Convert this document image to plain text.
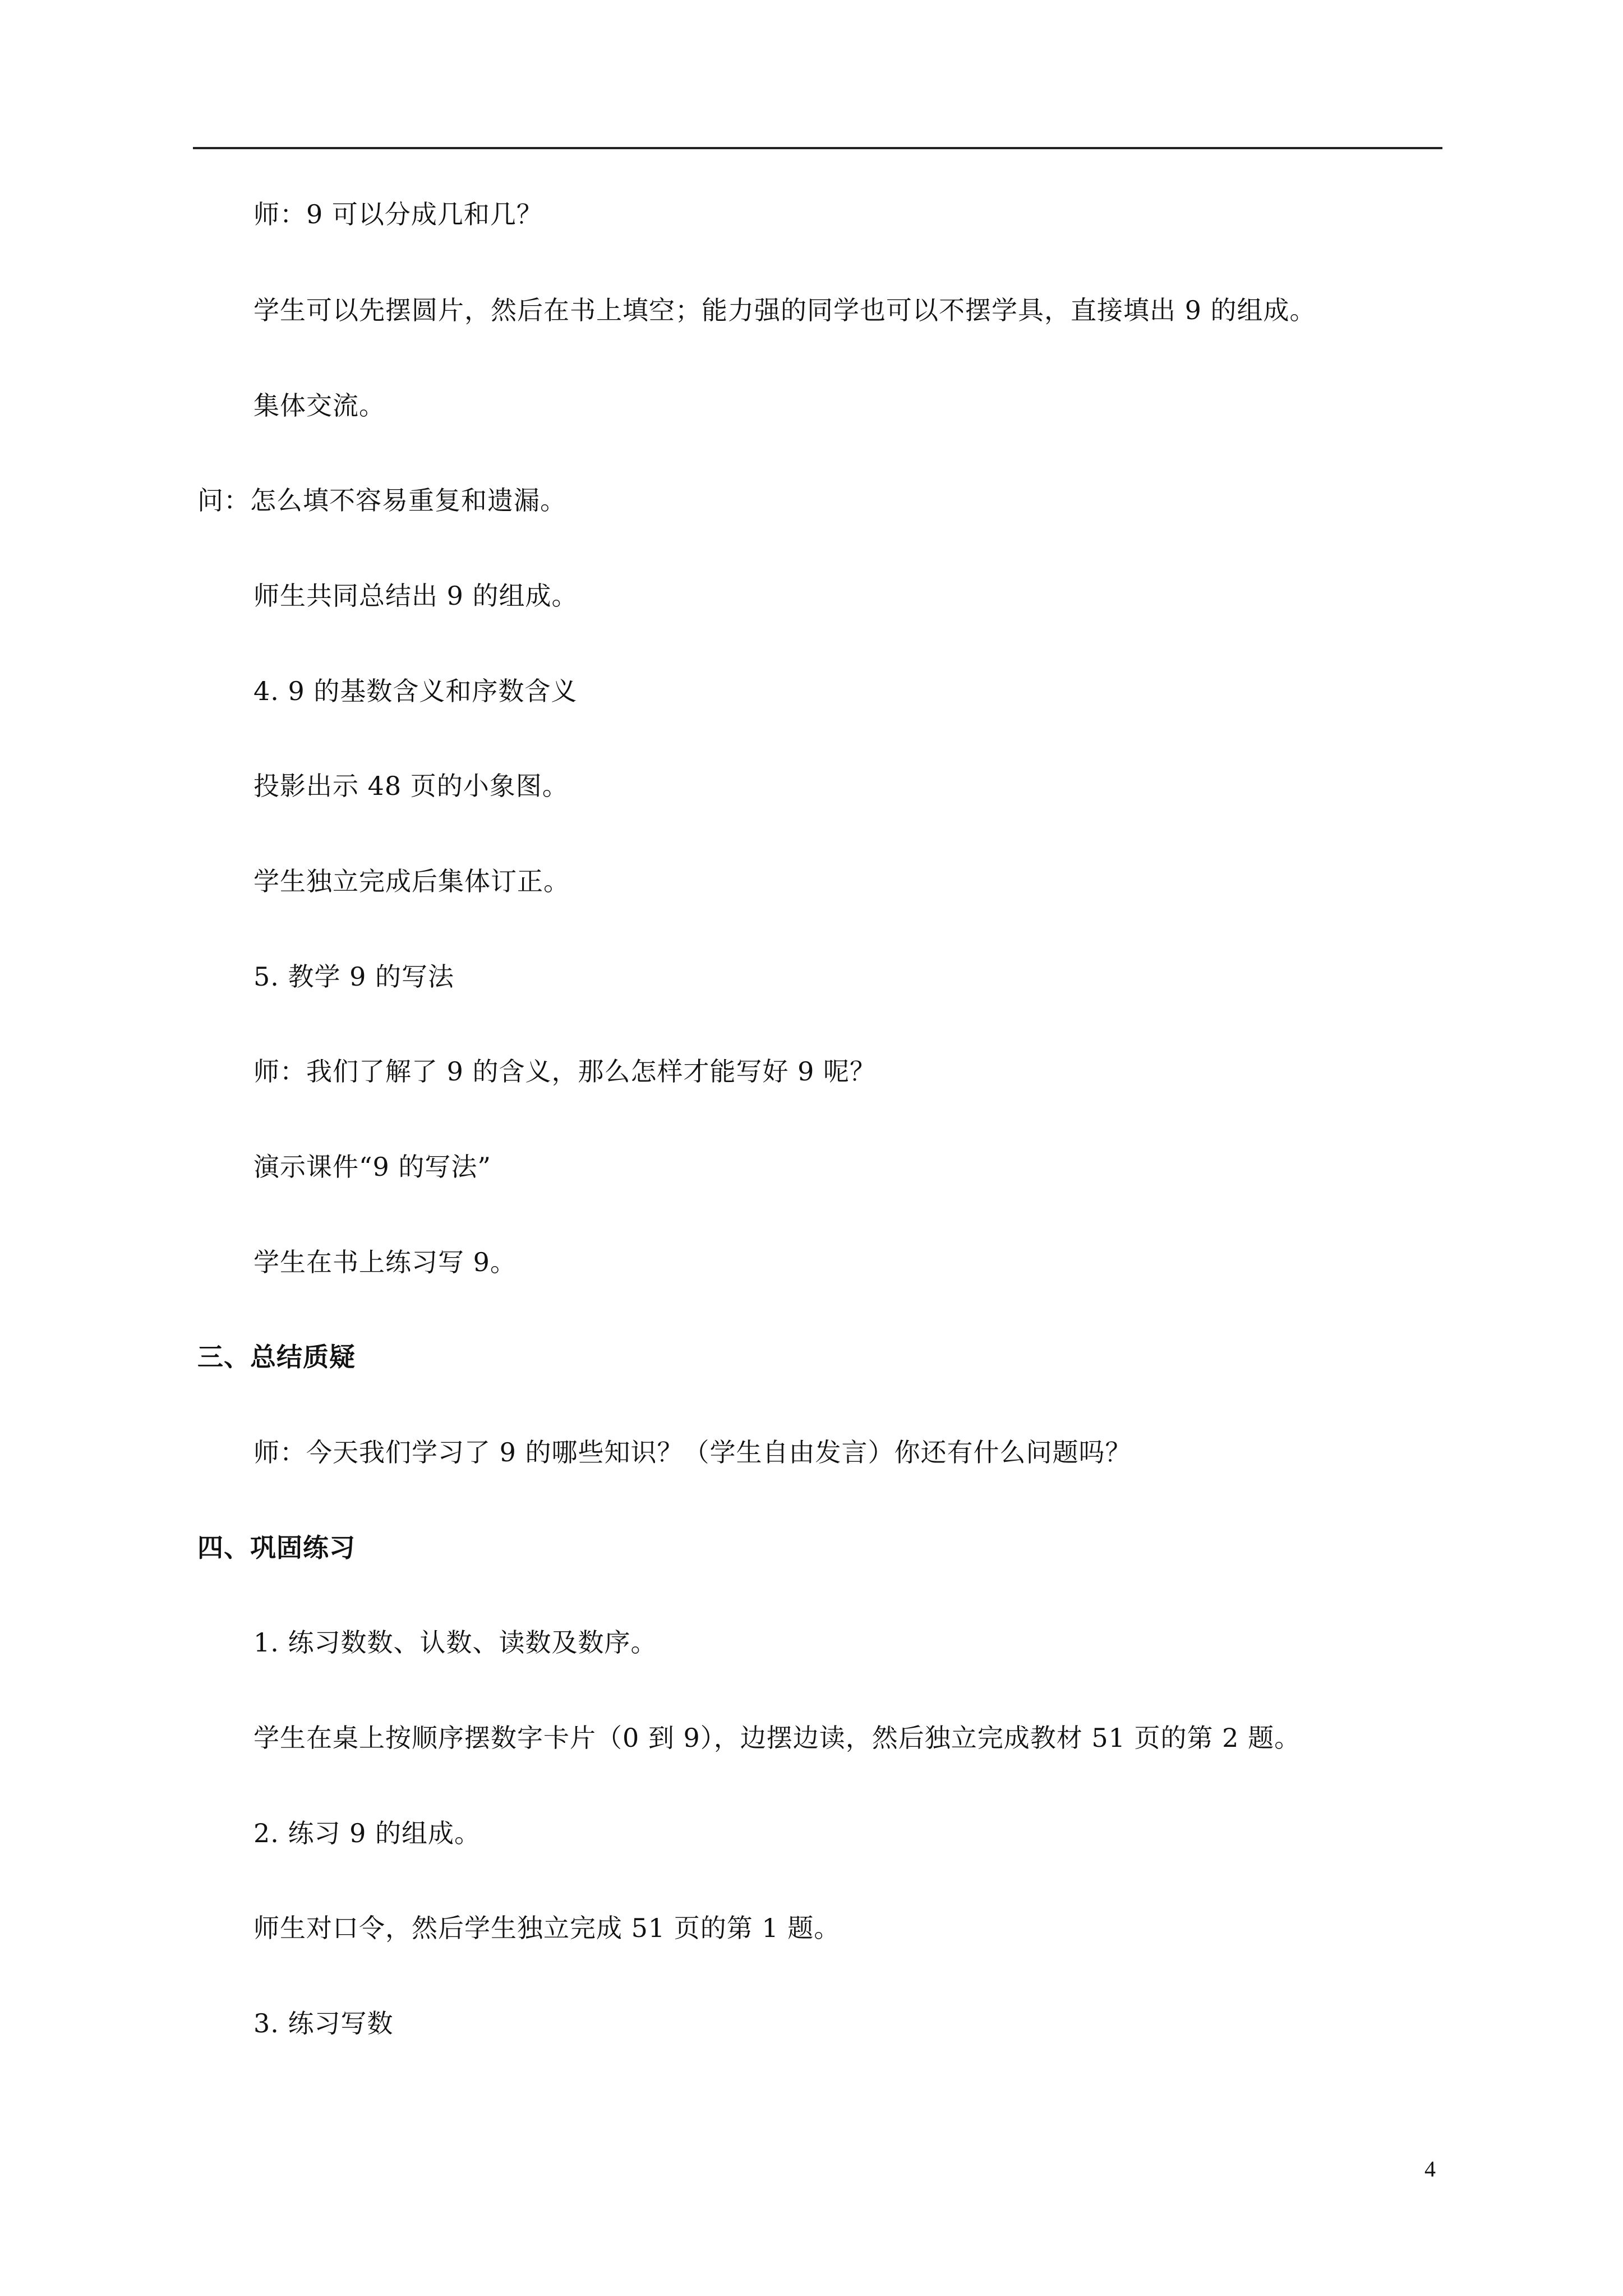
师：9 可以分成几和几？
学生可以先摆圆片，然后在书上填空；能力强的同学也可以不摆学具，直接填出 9 的组成。
集体交流。
问：怎么填不容易重复和遗漏。
师生共同总结出 9 的组成。
4. 9 的基数含义和序数含义
投影出示 48 页的小象图。
学生独立完成后集体订正。
5. 教学 9 的写法
师：我们了解了 9 的含义，那么怎样才能写好 9 呢？
演示课件“9 的写法”
学生在书上练习写 9。
三、总结质疑
师：今天我们学习了 9 的哪些知识？（学生自由发言）你还有什么问题吗？
四、巩固练习
1. 练习数数、认数、读数及数序。
学生在桌上按顺序摆数字卡片（0 到 9），边摆边读，然后独立完成教材 51 页的第 2 题。
2. 练习 9 的组成。
师生对口令，然后学生独立完成 51 页的第 1 题。
3. 练习写数
4
